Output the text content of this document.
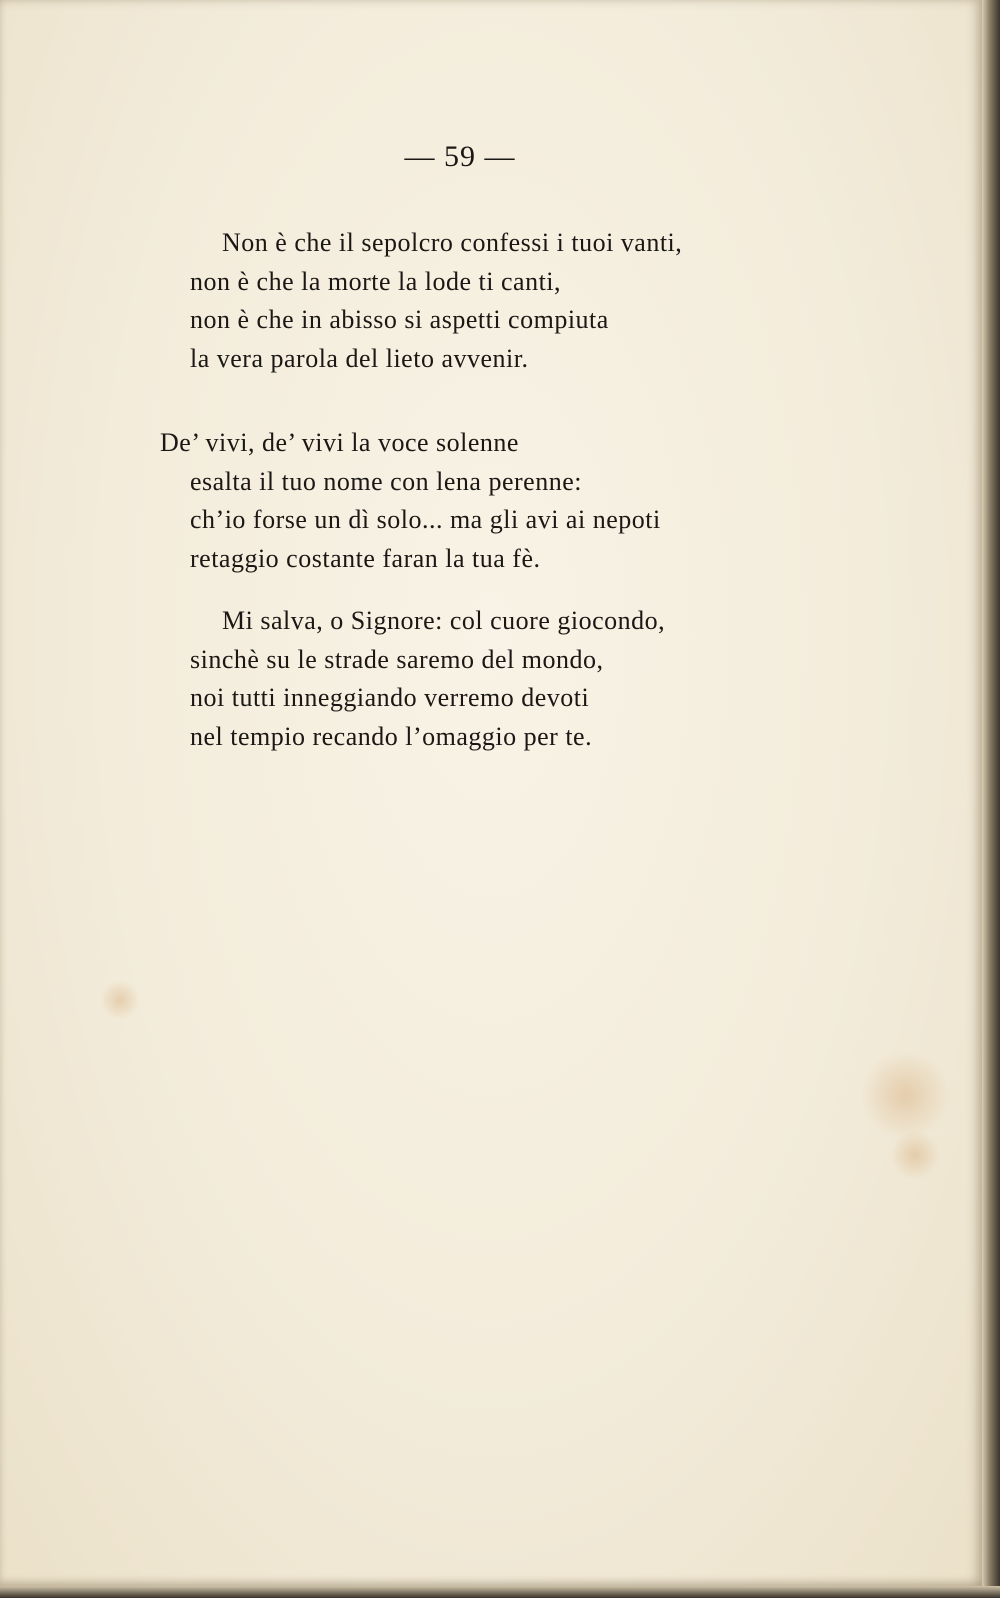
— 59 —
Non è che il sepolcro confessi i tuoi vanti,
non è che la morte la lode ti canti,
non è che in abisso si aspetti compiuta
la vera parola del lieto avvenir.
De’ vivi, de’ vivi la voce solenne
esalta il tuo nome con lena perenne:
ch’io forse un dì solo... ma gli avi ai nepoti
retaggio costante faran la tua fè.
Mi salva, o Signore: col cuore giocondo,
sinchè su le strade saremo del mondo,
noi tutti inneggiando verremo devoti
nel tempio recando l’omaggio per te.
